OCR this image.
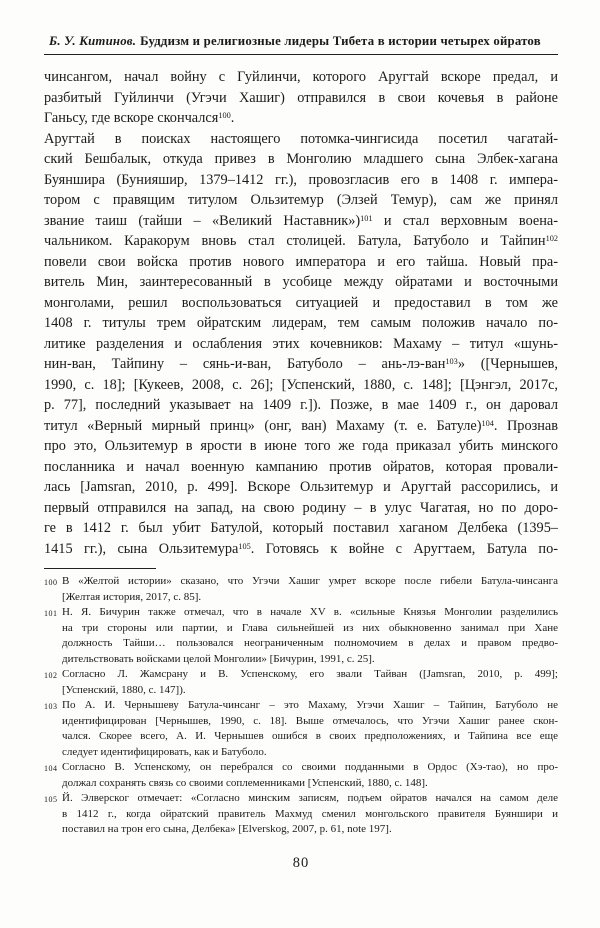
Б. У. Китинов. Буддизм и религиозные лидеры Тибета в истории четырех ойратов
чинсангом, начал войну с Гуйлинчи, которого Аругтай вскоре предал, и
разбитый Гуйлинчи (Угэчи Хашиг) отправился в свои кочевья в районе
Ганьсу, где вскоре скончался$^{100}$.
Аругтай в поисках настоящего потомка-чингисида посетил чагатай-
ский Бешбалык, откуда привез в Монголию младшего сына Элбек-хагана
Буяншира (Бунияшир, 1379–1412 гг.), провозгласив его в 1408 г. импера-
тором с правящим титулом Ользитемур (Элзей Темур), сам же принял
звание таиш (тайши – «Великий Наставник»)$^{101}$ и стал верховным воена-
чальником. Каракорум вновь стал столицей. Батула, Батуболо и Тайпин$^{102}$
повели свои войска против нового императора и его тайша. Новый пра-
витель Мин, заинтересованный в усобице между ойратами и восточными
монголами, решил воспользоваться ситуацией и предоставил в том же
1408 г. титулы трем ойратским лидерам, тем самым положив начало по-
литике разделения и ослабления этих кочевников: Махаму – титул «шунь-
нин-ван, Тайпину – сянь-и-ван, Батуболо – ань-лэ-ван$^{103}$» ([Чернышев,
1990, с. 18]; [Кукеев, 2008, с. 26]; [Успенский, 1880, с. 148]; [Цэнгэл, 2017с,
p. 77], последний указывает на 1409 г.]). Позже, в мае 1409 г., он даровал
титул «Верный мирный принц» (онг, ван) Махаму (т. е. Батуле)$^{104}$. Прознав
про это, Ользитемур в ярости в июне того же года приказал убить минского
посланника и начал военную кампанию против ойратов, которая провали-
лась [Jamsran, 2010, p. 499]. Вскоре Ользитемур и Аругтай рассорились, и
первый отправился на запад, на свою родину – в улус Чагатая, но по доро-
ге в 1412 г. был убит Батулой, который поставил хаганом Делбека (1395–
1415 гг.), сына Ользитемура$^{105}$. Готовясь к войне с Аругтаем, Батула по-
100 В «Желтой истории» сказано, что Угэчи Хашиг умрет вскоре после гибели Батула-чинсанга
[Желтая история, 2017, с. 85].
101 Н. Я. Бичурин также отмечал, что в начале XV в. «сильные Князья Монголии разделились
на три стороны или партии, и Глава сильнейшей из них обыкновенно занимал при Хане
должность Тайши… пользовался неограниченным полномочием в делах и правом предво-
дительствовать войсками целой Монголии» [Бичурин, 1991, с. 25].
102 Согласно Л. Жамсрану и В. Успенскому, его звали Тайван ([Jamsran, 2010, p. 499];
[Успенский, 1880, с. 147]).
103 По А. И. Чернышеву Батула-чинсанг – это Махаму, Угэчи Хашиг – Тайпин, Батуболо не
идентифицирован [Чернышев, 1990, с. 18]. Выше отмечалось, что Угэчи Хашиг ранее скон-
чался. Скорее всего, А. И. Чернышев ошибся в своих предположениях, и Тайпина все еще
следует идентифицировать, как и Батуболо.
104 Согласно В. Успенскому, он перебрался со своими подданными в Ордос (Хэ-тао), но про-
должал сохранять связь со своими соплеменниками [Успенский, 1880, с. 148].
105 Й. Элверског отмечает: «Согласно минским записям, подъем ойратов начался на самом деле
в 1412 г., когда ойратский правитель Махмуд сменил монгольского правителя Буяншири и
поставил на трон его сына, Делбека» [Elverskog, 2007, p. 61, note 197].
80
